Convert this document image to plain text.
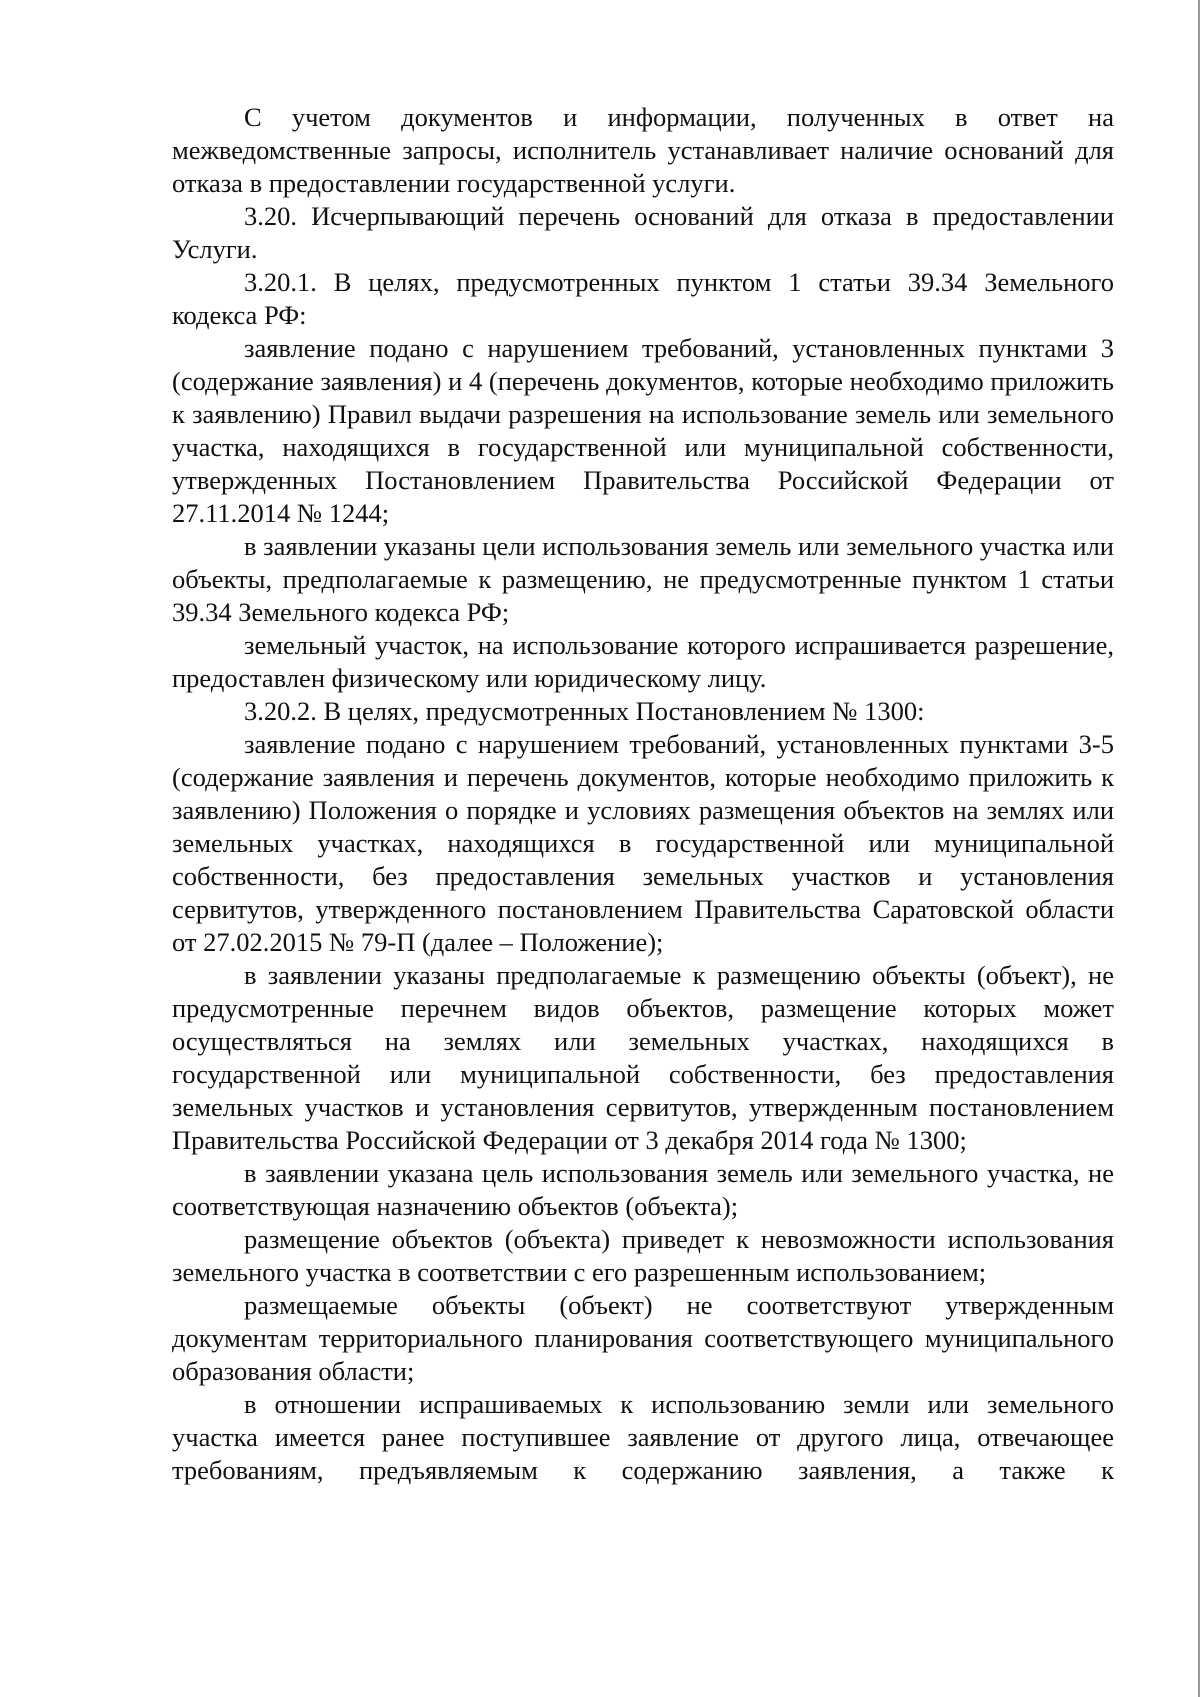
С учетом документов и информации, полученных в ответ на межведомственные запросы, исполнитель устанавливает наличие оснований для отказа в предоставлении государственной услуги.

3.20. Исчерпывающий перечень оснований для отказа в предоставлении Услуги.

3.20.1. В целях, предусмотренных пунктом 1 статьи 39.34 Земельного кодекса РФ:

заявление подано с нарушением требований, установленных пунктами 3 (содержание заявления) и 4 (перечень документов, которые необходимо приложить к заявлению) Правил выдачи разрешения на использование земель или земельного участка, находящихся в государственной или муниципальной собственности, утвержденных Постановлением Правительства Российской Федерации от 27.11.2014 № 1244;

в заявлении указаны цели использования земель или земельного участка или объекты, предполагаемые к размещению, не предусмотренные пунктом 1 статьи 39.34 Земельного кодекса РФ;

земельный участок, на использование которого испрашивается разрешение, предоставлен физическому или юридическому лицу.

3.20.2. В целях, предусмотренных Постановлением № 1300:

заявление подано с нарушением требований, установленных пунктами 3-5 (содержание заявления и перечень документов, которые необходимо приложить к заявлению) Положения о порядке и условиях размещения объектов на землях или земельных участках, находящихся в государственной или муниципальной собственности, без предоставления земельных участков и установления сервитутов, утвержденного постановлением Правительства Саратовской области от 27.02.2015 № 79-П (далее – Положение);

в заявлении указаны предполагаемые к размещению объекты (объект), не предусмотренные перечнем видов объектов, размещение которых может осуществляться на землях или земельных участках, находящихся в государственной или муниципальной собственности, без предоставления земельных участков и установления сервитутов, утвержденным постановлением Правительства Российской Федерации от 3 декабря 2014 года № 1300;

в заявлении указана цель использования земель или земельного участка, не соответствующая назначению объектов (объекта);

размещение объектов (объекта) приведет к невозможности использования земельного участка в соответствии с его разрешенным использованием;

размещаемые объекты (объект) не соответствуют утвержденным документам территориального планирования соответствующего муниципального образования области;

в отношении испрашиваемых к использованию земли или земельного участка имеется ранее поступившее заявление от другого лица, отвечающее требованиям, предъявляемым к содержанию заявления, а также к
